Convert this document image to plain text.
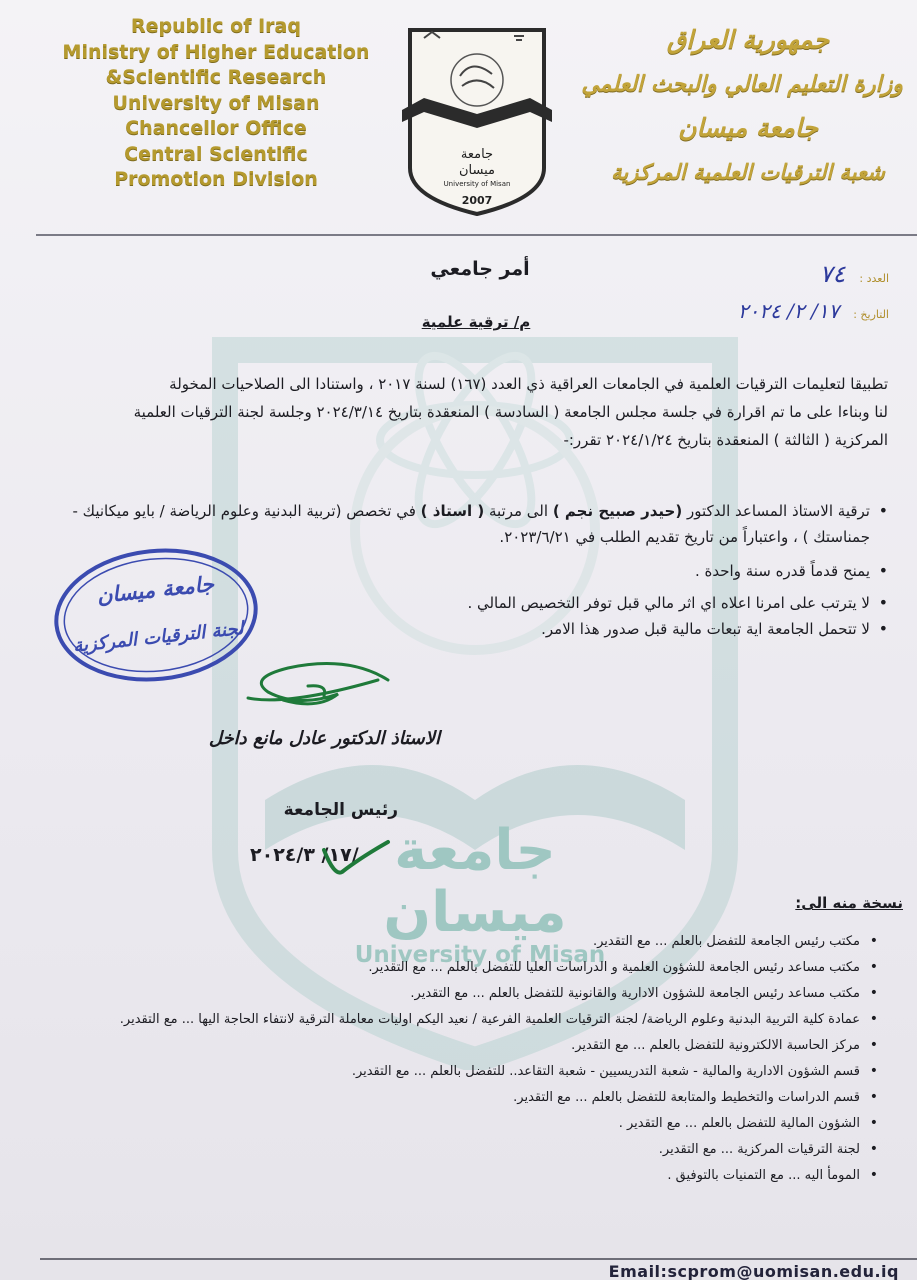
جامعة ميسان
University of Misan
Republic of Iraq
Ministry of Higher Education
&Scientific Research
University of Misan
Chancellor Office
Central Scientific
Promotion Division
جامعة
ميسان
University of Misan
2007
جمهورية العراق
وزارة التعليم العالي والبحث العلمي
جامعة ميسان
شعبة الترقيات العلمية المركزية
العدد :
٧٤
التاريخ :
١٧/ ٢/ ٢٠٢٤
أمر جامعي
م/ ترقية علمية

تطبيقا لتعليمات الترقيات العلمية في الجامعات العراقية ذي العدد (١٦٧) لسنة ٢٠١٧ ، واستنادا الى الصلاحيات المخولة

لنا وبناءا على ما تم اقرارة في جلسة مجلس الجامعة ( السادسة ) المنعقدة بتاريخ ٢٠٢٤/٣/١٤ وجلسة لجنة الترقيات العلمية

المركزية ( الثالثة ) المنعقدة بتاريخ ٢٠٢٤/١/٢٤ تقرر:-

• ترقية الاستاذ المساعد الدكتور (حيدر صبيح نجم ) الى مرتبة ( استاذ ) في تخصص (تربية البدنية وعلوم الرياضة / بايو ميكانيك - جمناستك ) ، واعتباراً من تاريخ تقديم الطلب في ٢٠٢٣/٦/٢١.
• يمنح قدماً قدره سنة واحدة .
• لا يترتب على امرنا اعلاه اي اثر مالي قبل توفر التخصيص المالي .
• لا تتحمل الجامعة اية تبعات مالية قبل صدور هذا الامر.
جامعة ميسان
لجنة الترقيات المركزية
الاستاذ الدكتور عادل مانع داخل
رئيس الجامعة
١٧/ ٢٠٢٤/٣/
نسخة منه الى:
• مكتب رئيس الجامعة للتفضل بالعلم ... مع التقدير.
• مكتب مساعد رئيس الجامعة للشؤون العلمية و الدراسات العليا للتفضل بالعلم ... مع التقدير.
• مكتب مساعد رئيس الجامعة للشؤون الادارية والقانونية للتفضل بالعلم ... مع التقدير.
• عمادة كلية التربية البدنية وعلوم الرياضة/ لجنة الترقيات العلمية الفرعية / نعيد اليكم اوليات معاملة الترقية لانتفاء الحاجة اليها ... مع التقدير.
• مركز الحاسبة الالكترونية للتفضل بالعلم ... مع التقدير.
• قسم الشؤون الادارية والمالية - شعبة التدريسيين - شعبة التقاعد.. للتفضل بالعلم ... مع التقدير.
• قسم الدراسات والتخطيط والمتابعة للتفضل بالعلم ... مع التقدير.
• الشؤون المالية للتفضل بالعلم ... مع التقدير .
• لجنة الترقيات المركزية ... مع التقدير.
• المومأ اليه ... مع التمنيات بالتوفيق .
Email:scprom@uomisan.edu.iq
